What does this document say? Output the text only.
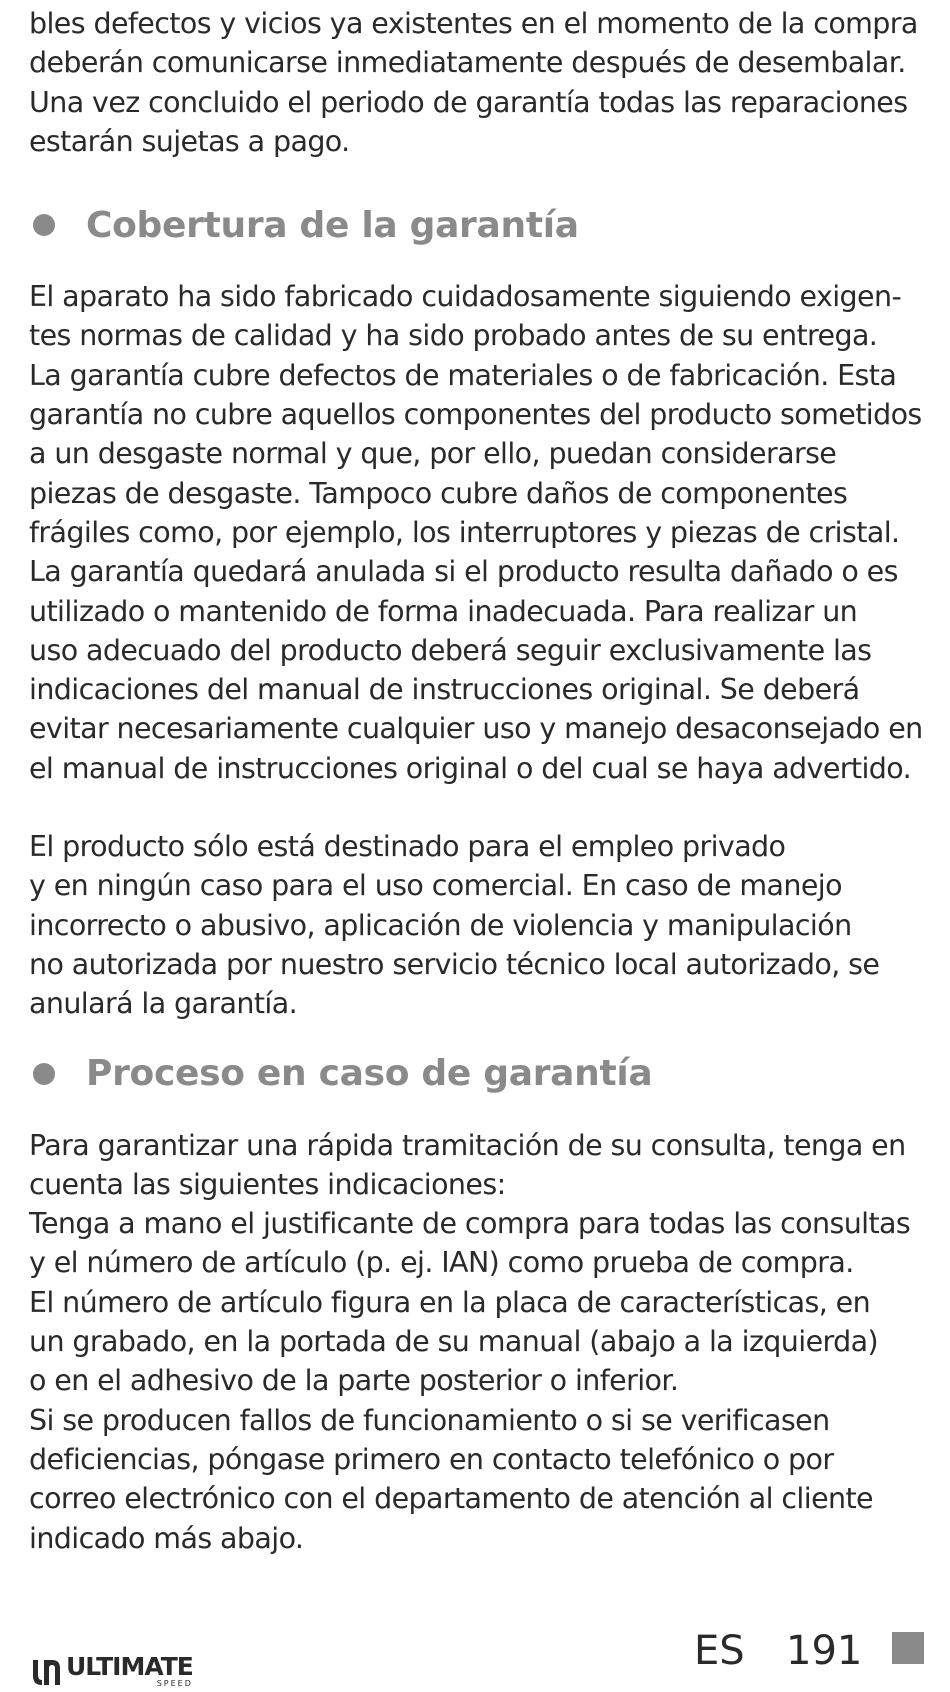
bles defectos y vicios ya existentes en el momento de la compra
deberán comunicarse inmediatamente después de desembalar.
Una vez concluido el periodo de garantía todas las reparaciones
estarán sujetas a pago.
Cobertura de la garantía
El aparato ha sido fabricado cuidadosamente siguiendo exigen-
tes normas de calidad y ha sido probado antes de su entrega.
La garantía cubre defectos de materiales o de fabricación. Esta
garantía no cubre aquellos componentes del producto sometidos
a un desgaste normal y que, por ello, puedan considerarse
piezas de desgaste. Tampoco cubre daños de componentes
frágiles como, por ejemplo, los interruptores y piezas de cristal.
La garantía quedará anulada si el producto resulta dañado o es
utilizado o mantenido de forma inadecuada. Para realizar un
uso adecuado del producto deberá seguir exclusivamente las
indicaciones del manual de instrucciones original. Se deberá
evitar necesariamente cualquier uso y manejo desaconsejado en
el manual de instrucciones original o del cual se haya advertido.
El producto sólo está destinado para el empleo privado
y en ningún caso para el uso comercial. En caso de manejo
incorrecto o abusivo, aplicación de violencia y manipulación
no autorizada por nuestro servicio técnico local autorizado, se
anulará la garantía.
Proceso en caso de garantía
Para garantizar una rápida tramitación de su consulta, tenga en
cuenta las siguientes indicaciones:
Tenga a mano el justificante de compra para todas las consultas
y el número de artículo (p. ej. IAN) como prueba de compra.
El número de artículo figura en la placa de características, en
un grabado, en la portada de su manual (abajo a la izquierda)
o en el adhesivo de la parte posterior o inferior.
Si se producen fallos de funcionamiento o si se verificasen
deficiencias, póngase primero en contacto telefónico o por
correo electrónico con el departamento de atención al cliente
indicado más abajo.
ULTIMATE
SPEED
ES 191
